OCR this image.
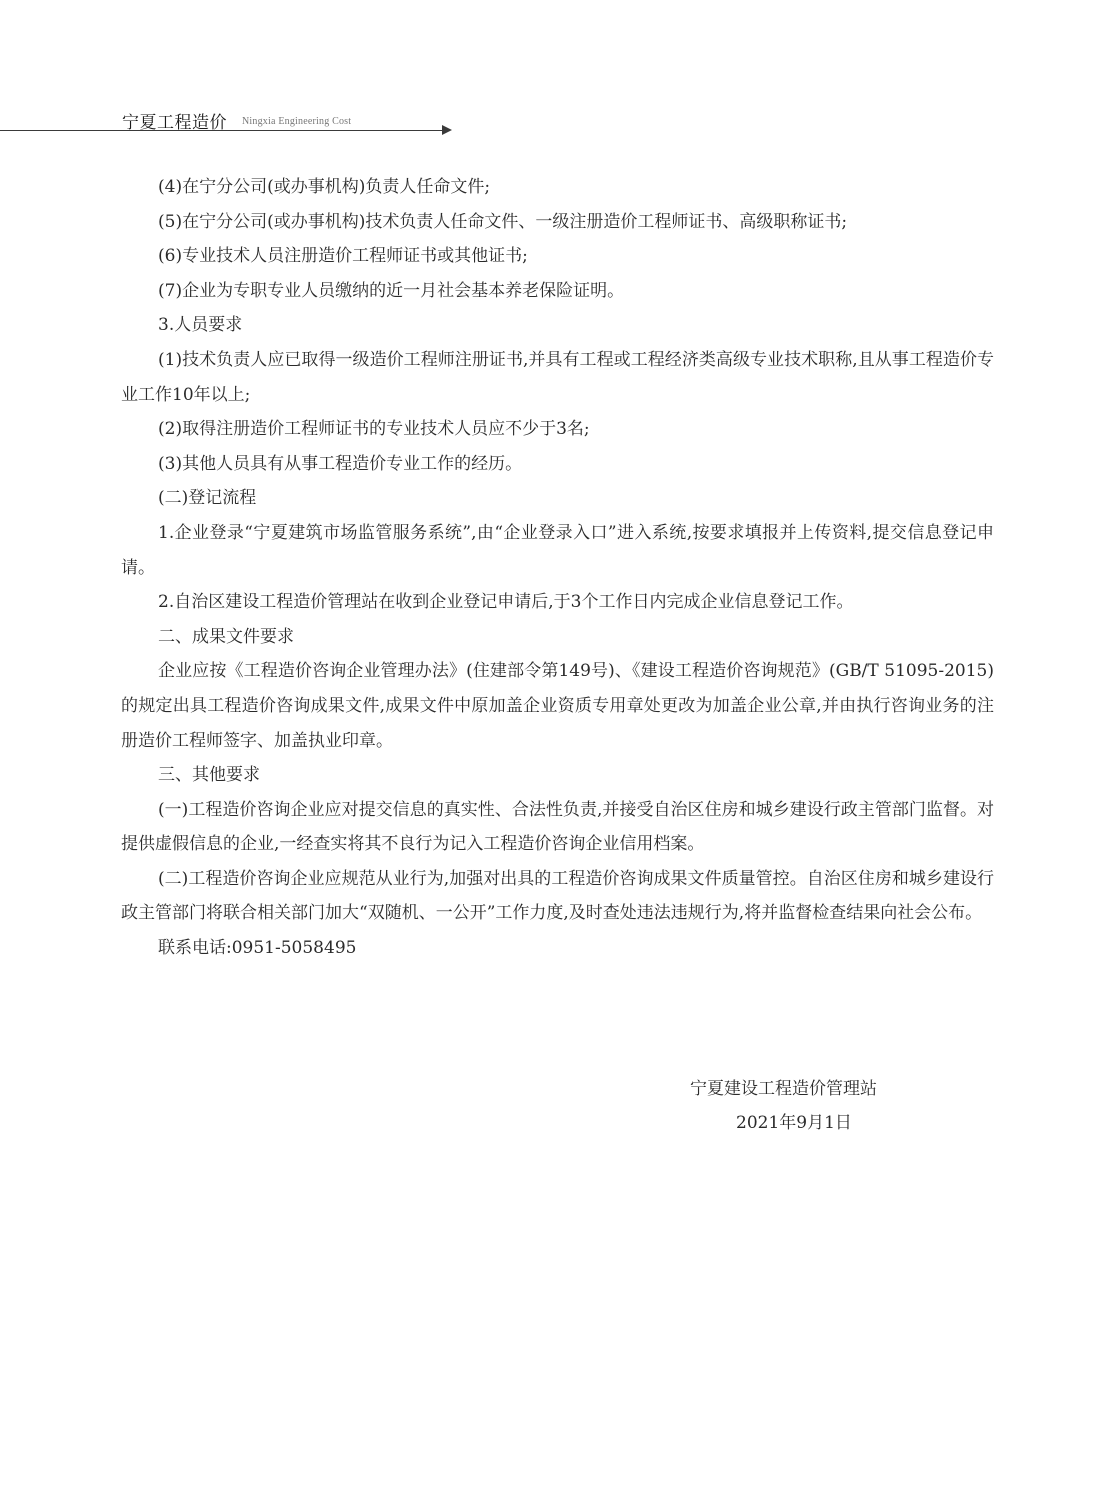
宁夏工程造价 Ningxia Engineering Cost

(4)在宁分公司(或办事机构)负责人任命文件;

(5)在宁分公司(或办事机构)技术负责人任命文件、一级注册造价工程师证书、高级职称证书;

(6)专业技术人员注册造价工程师证书或其他证书;

(7)企业为专职专业人员缴纳的近一月社会基本养老保险证明。

3.人员要求

(1)技术负责人应已取得一级造价工程师注册证书,并具有工程或工程经济类高级专业技术职称,且从事工程造价专业工作10年以上;

(2)取得注册造价工程师证书的专业技术人员应不少于3名;

(3)其他人员具有从事工程造价专业工作的经历。

(二)登记流程

1.企业登录“宁夏建筑市场监管服务系统”,由“企业登录入口”进入系统,按要求填报并上传资料,提交信息登记申请。

2.自治区建设工程造价管理站在收到企业登记申请后,于3个工作日内完成企业信息登记工作。

二、成果文件要求

企业应按《工程造价咨询企业管理办法》(住建部令第149号)、《建设工程造价咨询规范》(GB/T 51095-2015)的规定出具工程造价咨询成果文件,成果文件中原加盖企业资质专用章处更改为加盖企业公章,并由执行咨询业务的注册造价工程师签字、加盖执业印章。

三、其他要求

(一)工程造价咨询企业应对提交信息的真实性、合法性负责,并接受自治区住房和城乡建设行政主管部门监督。对提供虚假信息的企业,一经查实将其不良行为记入工程造价咨询企业信用档案。

(二)工程造价咨询企业应规范从业行为,加强对出具的工程造价咨询成果文件质量管控。自治区住房和城乡建设行政主管部门将联合相关部门加大“双随机、一公开”工作力度,及时查处违法违规行为,将并监督检查结果向社会公布。

联系电话:0951-5058495

宁夏建设工程造价管理站

2021年9月1日
